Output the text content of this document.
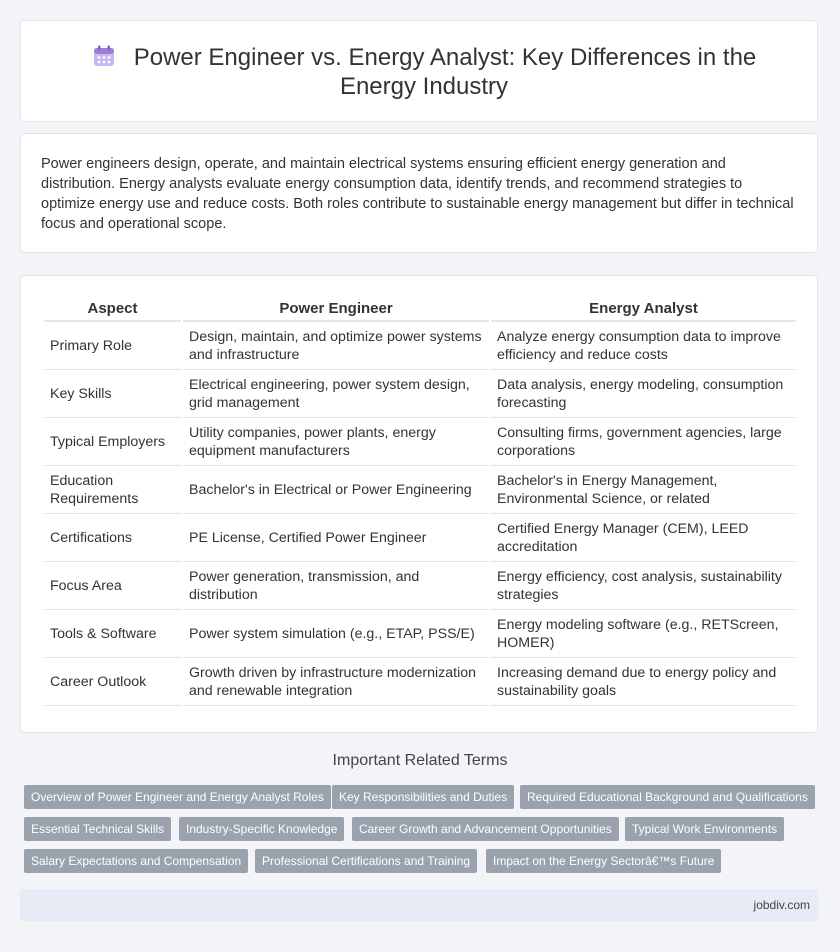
Power Engineer vs. Energy Analyst: Key Differences in the Energy Industry

Power engineers design, operate, and maintain electrical systems ensuring efficient energy generation and distribution. Energy analysts evaluate energy consumption data, identify trends, and recommend strategies to optimize energy use and reduce costs. Both roles contribute to sustainable energy management but differ in technical focus and operational scope.

Aspect	Power Engineer	Energy Analyst
Primary Role	Design, maintain, and optimize power systems and infrastructure	Analyze energy consumption data to improve efficiency and reduce costs
Key Skills	Electrical engineering, power system design, grid management	Data analysis, energy modeling, consumption forecasting
Typical Employers	Utility companies, power plants, energy equipment manufacturers	Consulting firms, government agencies, large corporations
Education Requirements	Bachelor's in Electrical or Power Engineering	Bachelor's in Energy Management, Environmental Science, or related
Certifications	PE License, Certified Power Engineer	Certified Energy Manager (CEM), LEED accreditation
Focus Area	Power generation, transmission, and distribution	Energy efficiency, cost analysis, sustainability strategies
Tools & Software	Power system simulation (e.g., ETAP, PSS/E)	Energy modeling software (e.g., RETScreen, HOMER)
Career Outlook	Growth driven by infrastructure modernization and renewable integration	Increasing demand due to energy policy and sustainability goals
Important Related Terms
Overview of Power Engineer and Energy Analyst Roles	Key Responsibilities and Duties	Required Educational Background and Qualifications
Essential Technical Skills	Industry-Specific Knowledge	Career Growth and Advancement Opportunities	Typical Work Environments
Salary Expectations and Compensation	Professional Certifications and Training	Impact on the Energy Sectorâ€™s Future
jobdiv.com
